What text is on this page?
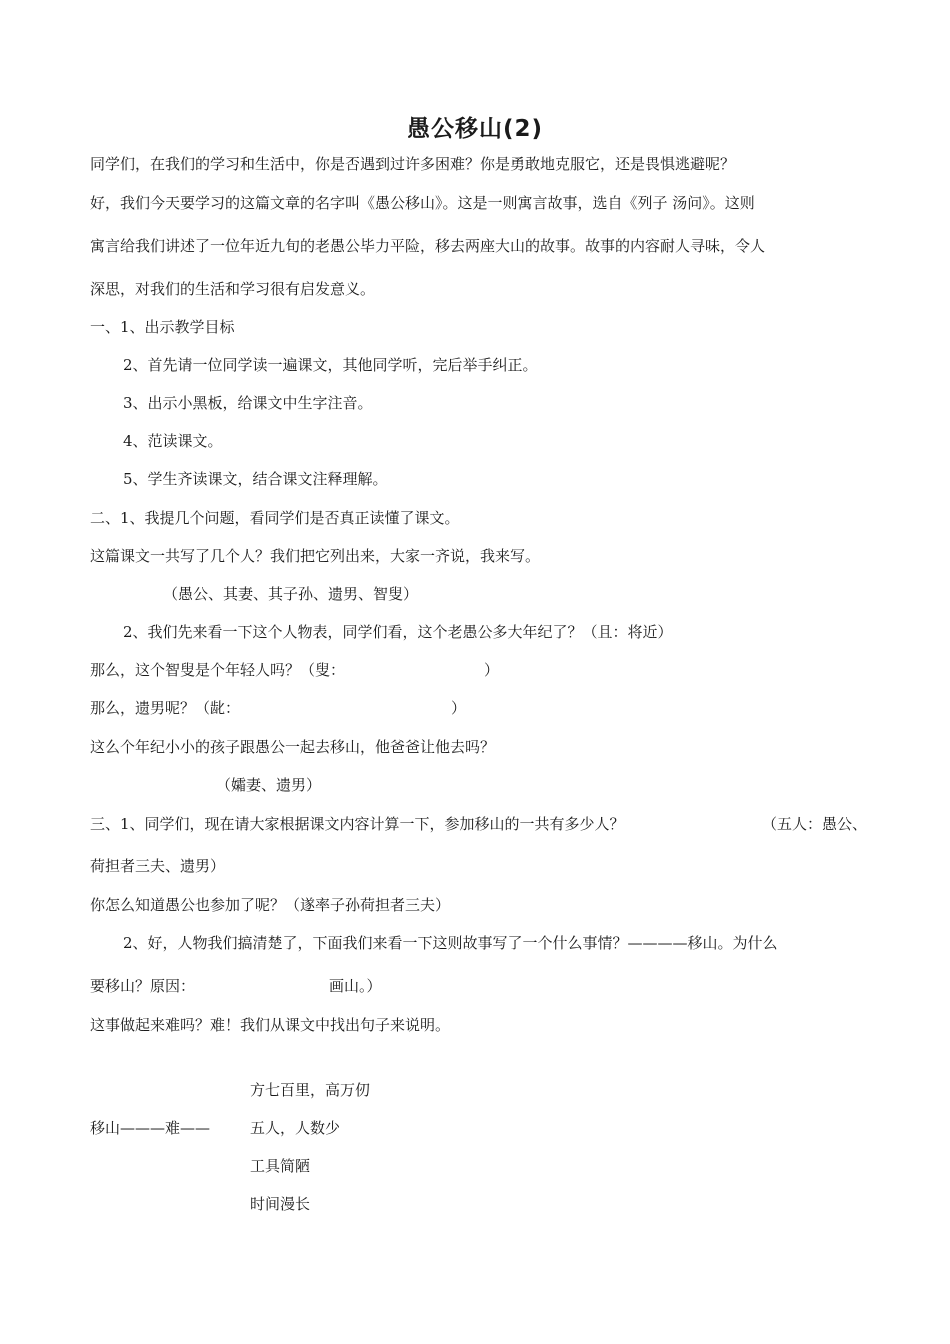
愚公移山(2)
同学们，在我们的学习和生活中，你是否遇到过许多困难？你是勇敢地克服它，还是畏惧逃避呢？
好，我们今天要学习的这篇文章的名字叫《愚公移山》。这是一则寓言故事，选自《列子 汤问》。这则
寓言给我们讲述了一位年近九旬的老愚公毕力平险，移去两座大山的故事。故事的内容耐人寻味，令人
深思，对我们的生活和学习很有启发意义。
一、1、出示教学目标
2、首先请一位同学读一遍课文，其他同学听，完后举手纠正。
3、出示小黑板，给课文中生字注音。
4、范读课文。
5、学生齐读课文，结合课文注释理解。
二、1、我提几个问题，看同学们是否真正读懂了课文。
这篇课文一共写了几个人？我们把它列出来，大家一齐说，我来写。
（愚公、其妻、其子孙、遗男、智叟）
2、我们先来看一下这个人物表，同学们看，这个老愚公多大年纪了？（且：将近）
那么，这个智叟是个年轻人吗？（叟：	）
那么，遗男呢？（龀：	）
这么个年纪小小的孩子跟愚公一起去移山，他爸爸让他去吗？
（孀妻、遗男）
三、1、同学们，现在请大家根据课文内容计算一下，参加移山的一共有多少人？	（五人：愚公、
荷担者三夫、遗男）
你怎么知道愚公也参加了呢？（遂率子孙荷担者三夫）
2、好，人物我们搞清楚了，下面我们来看一下这则故事写了一个什么事情？————移山。为什么
要移山？原因：	画山。）
这事做起来难吗？难！我们从课文中找出句子来说明。
移山———难——
方七百里，高万仞
五人，人数少
工具简陋
时间漫长
